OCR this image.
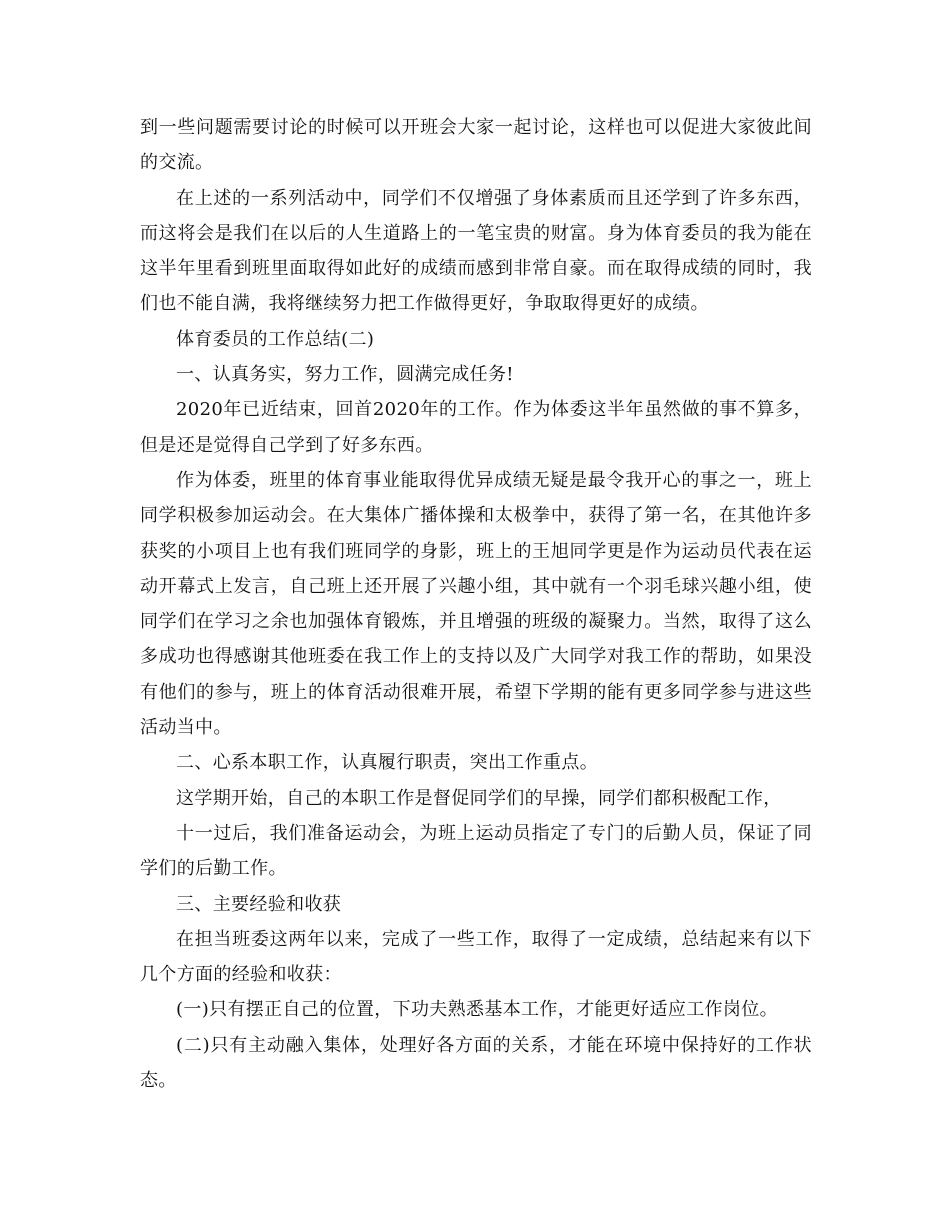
到一些问题需要讨论的时候可以开班会大家一起讨论，这样也可以促进大家彼此间的交流。

在上述的一系列活动中，同学们不仅增强了身体素质而且还学到了许多东西，而这将会是我们在以后的人生道路上的一笔宝贵的财富。身为体育委员的我为能在这半年里看到班里面取得如此好的成绩而感到非常自豪。而在取得成绩的同时，我们也不能自满，我将继续努力把工作做得更好，争取取得更好的成绩。

体育委员的工作总结(二)

一、认真务实，努力工作，圆满完成任务!

2020年已近结束，回首2020年的工作。作为体委这半年虽然做的事不算多，但是还是觉得自己学到了好多东西。

作为体委，班里的体育事业能取得优异成绩无疑是最令我开心的事之一，班上同学积极参加运动会。在大集体广播体操和太极拳中，获得了第一名，在其他许多获奖的小项目上也有我们班同学的身影，班上的王旭同学更是作为运动员代表在运动开幕式上发言，自己班上还开展了兴趣小组，其中就有一个羽毛球兴趣小组，使同学们在学习之余也加强体育锻炼，并且增强的班级的凝聚力。当然，取得了这么多成功也得感谢其他班委在我工作上的支持以及广大同学对我工作的帮助，如果没有他们的参与，班上的体育活动很难开展，希望下学期的能有更多同学参与进这些活动当中。

二、心系本职工作，认真履行职责，突出工作重点。

这学期开始，自己的本职工作是督促同学们的早操，同学们都积极配工作，

十一过后，我们准备运动会，为班上运动员指定了专门的后勤人员，保证了同学们的后勤工作。

三、主要经验和收获

在担当班委这两年以来，完成了一些工作，取得了一定成绩，总结起来有以下几个方面的经验和收获：

(一)只有摆正自己的位置，下功夫熟悉基本工作，才能更好适应工作岗位。

(二)只有主动融入集体，处理好各方面的关系，才能在环境中保持好的工作状态。
